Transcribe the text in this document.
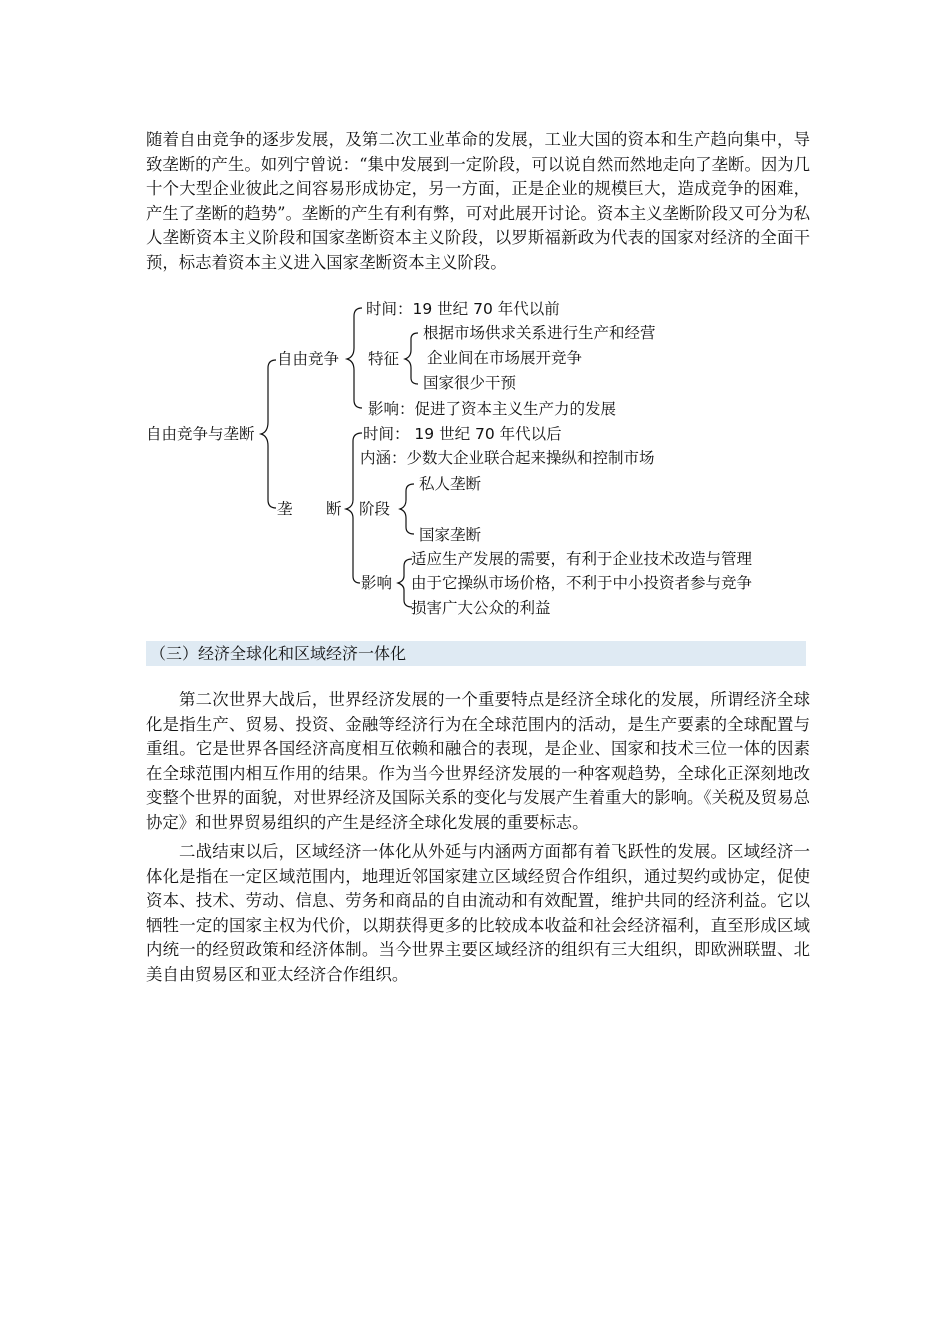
随着自由竞争的逐步发展，及第二次工业革命的发展，工业大国的资本和生产趋向集中，导致垄断的产生。如列宁曾说：“集中发展到一定阶段，可以说自然而然地走向了垄断。因为几十个大型企业彼此之间容易形成协定，另一方面，正是企业的规模巨大，造成竞争的困难，产生了垄断的趋势”。垄断的产生有利有弊，可对此展开讨论。资本主义垄断阶段又可分为私人垄断资本主义阶段和国家垄断资本主义阶段，以罗斯福新政为代表的国家对经济的全面干预，标志着资本主义进入国家垄断资本主义阶段。

自由竞争与垄断
自由竞争
时间：19 世纪 70 年代以前
特征
根据市场供求关系进行生产和经营
企业间在市场展开竞争
国家很少干预
影响：促进了资本主义生产力的发展
垄 断
时间： 19 世纪 70 年代以后
内涵：少数大企业联合起来操纵和控制市场
阶段
私人垄断
国家垄断
影响
适应生产发展的需要，有利于企业技术改造与管理
由于它操纵市场价格，不利于中小投资者参与竞争
损害广大公众的利益
（三）经济全球化和区域经济一体化

第二次世界大战后，世界经济发展的一个重要特点是经济全球化的发展，所谓经济全球化是指生产、贸易、投资、金融等经济行为在全球范围内的活动，是生产要素的全球配置与重组。它是世界各国经济高度相互依赖和融合的表现，是企业、国家和技术三位一体的因素在全球范围内相互作用的结果。作为当今世界经济发展的一种客观趋势，全球化正深刻地改变整个世界的面貌，对世界经济及国际关系的变化与发展产生着重大的影响。《关税及贸易总协定》和世界贸易组织的产生是经济全球化发展的重要标志。

二战结束以后，区域经济一体化从外延与内涵两方面都有着飞跃性的发展。区域经济一体化是指在一定区域范围内，地理近邻国家建立区域经贸合作组织，通过契约或协定，促使资本、技术、劳动、信息、劳务和商品的自由流动和有效配置，维护共同的经济利益。它以牺牲一定的国家主权为代价，以期获得更多的比较成本收益和社会经济福利，直至形成区域内统一的经贸政策和经济体制。当今世界主要区域经济的组织有三大组织，即欧洲联盟、北美自由贸易区和亚太经济合作组织。
